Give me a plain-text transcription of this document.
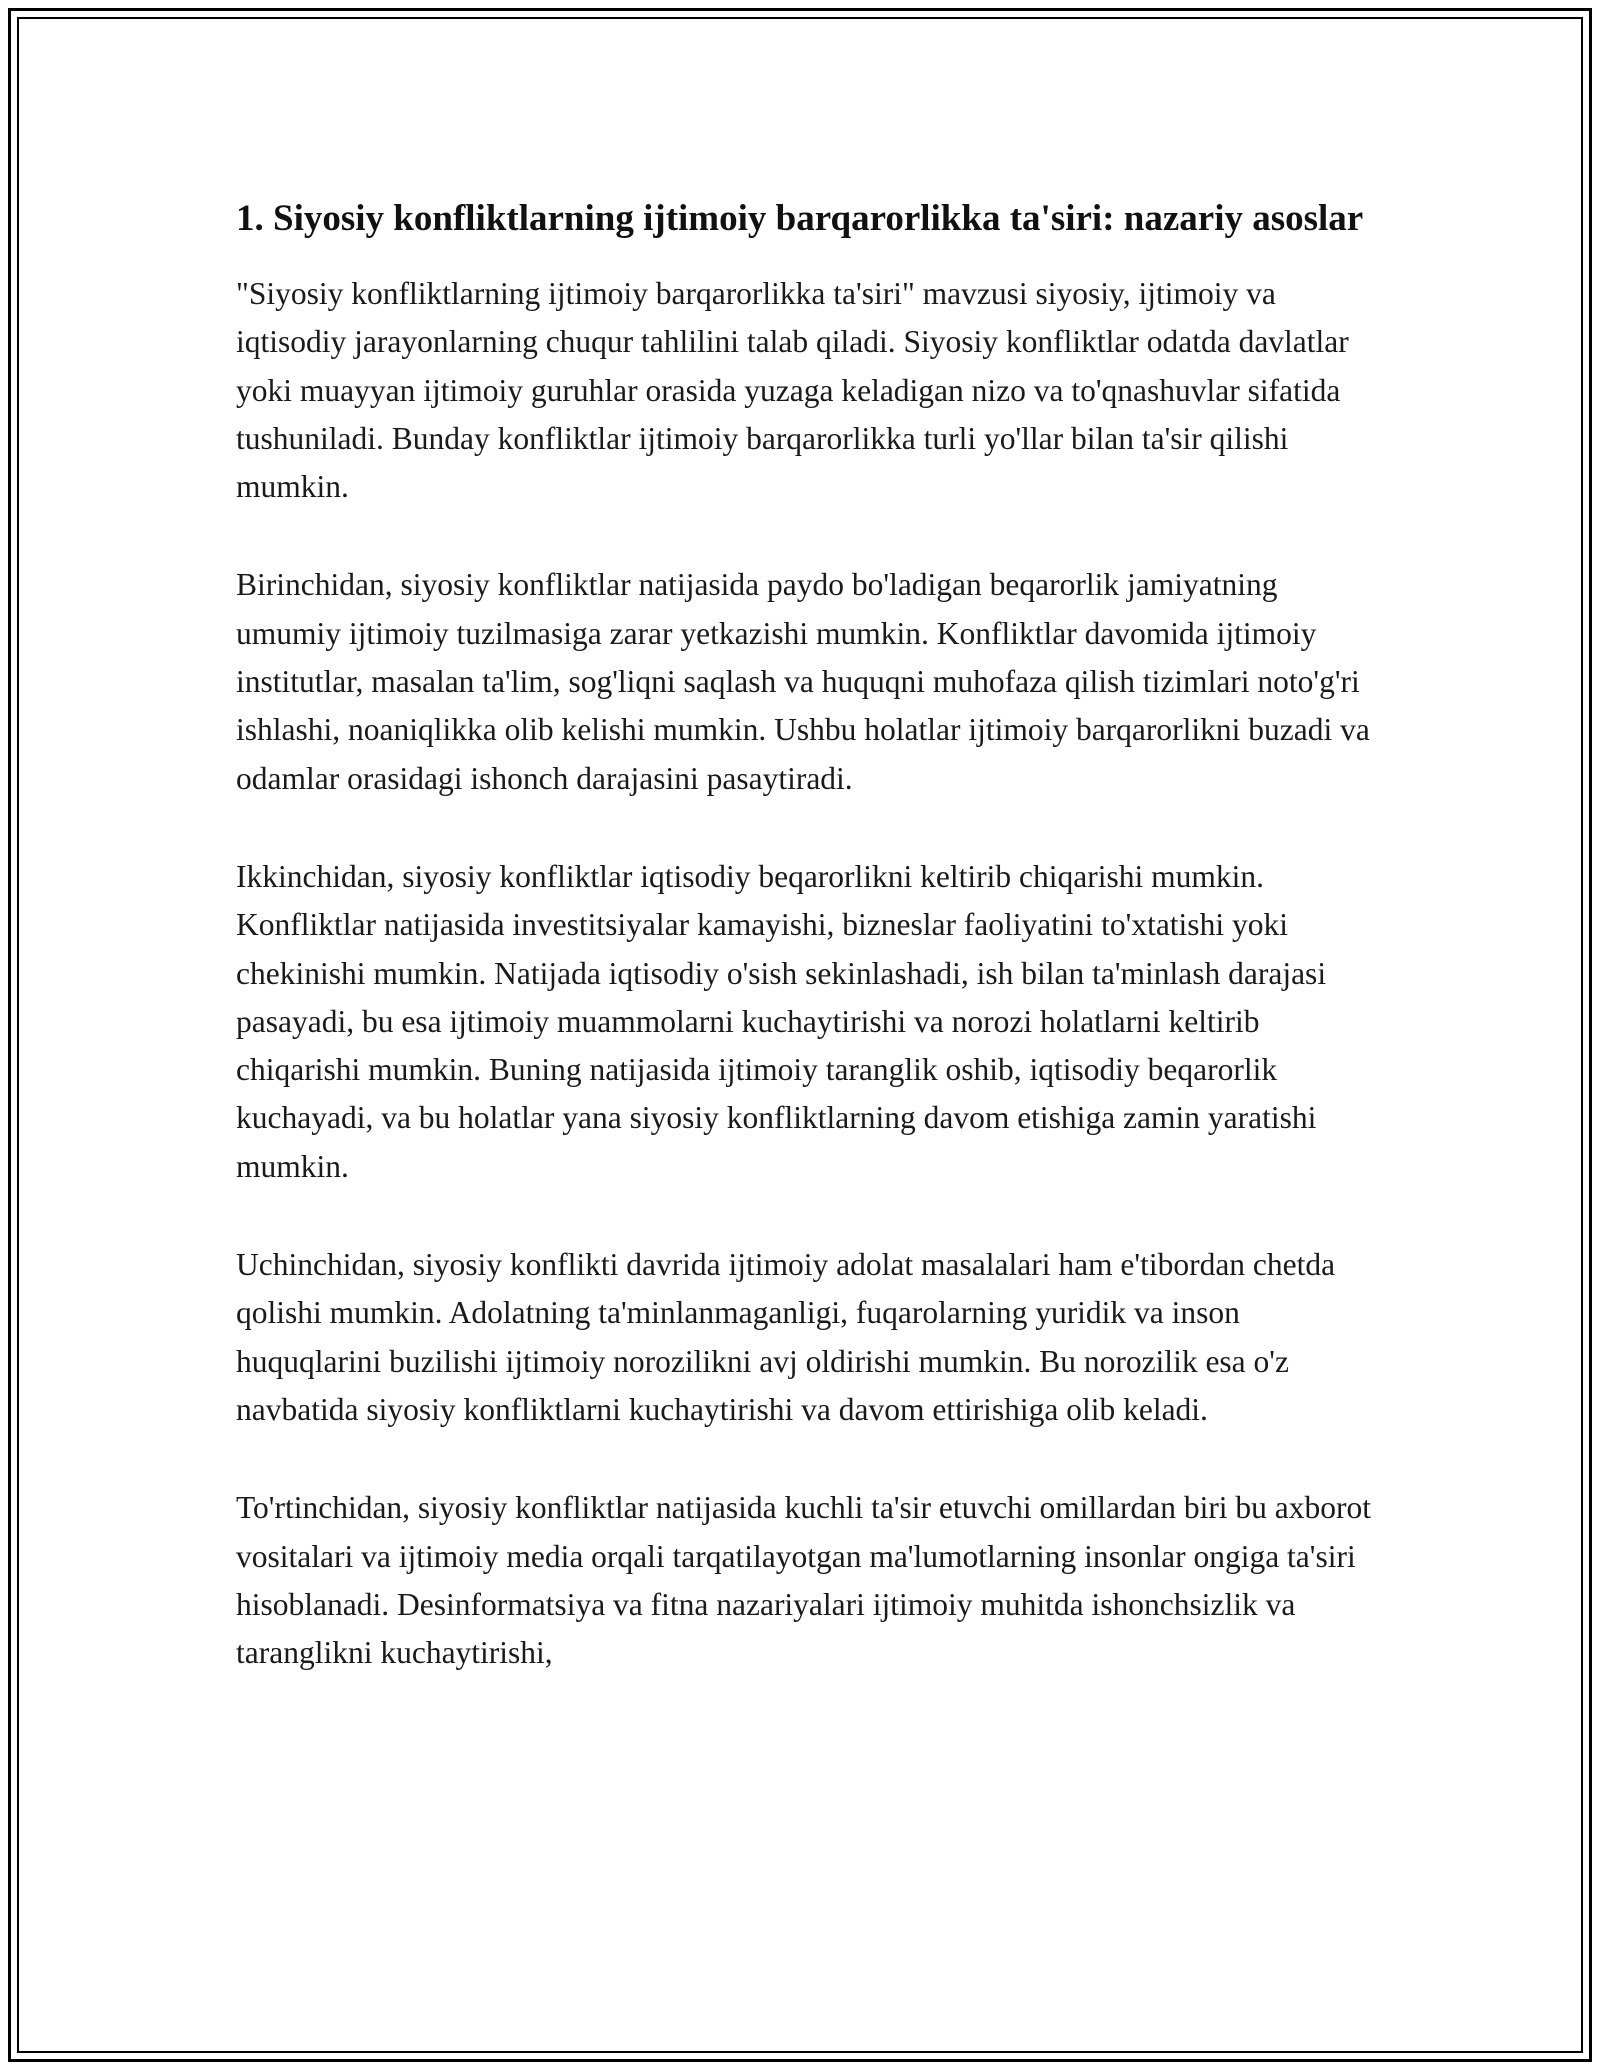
1. Siyosiy konfliktlarning ijtimoiy barqarorlikka ta'siri: nazariy asoslar

"Siyosiy konfliktlarning ijtimoiy barqarorlikka ta'siri" mavzusi siyosiy, ijtimoiy va iqtisodiy jarayonlarning chuqur tahlilini talab qiladi. Siyosiy konfliktlar odatda davlatlar yoki muayyan ijtimoiy guruhlar orasida yuzaga keladigan nizo va to'qnashuvlar sifatida tushuniladi. Bunday konfliktlar ijtimoiy barqarorlikka turli yo'llar bilan ta'sir qilishi mumkin.

Birinchidan, siyosiy konfliktlar natijasida paydo bo'ladigan beqarorlik jamiyatning umumiy ijtimoiy tuzilmasiga zarar yetkazishi mumkin. Konfliktlar davomida ijtimoiy institutlar, masalan ta'lim, sog'liqni saqlash va huquqni muhofaza qilish tizimlari noto'g'ri ishlashi, noaniqlikka olib kelishi mumkin. Ushbu holatlar ijtimoiy barqarorlikni buzadi va odamlar orasidagi ishonch darajasini pasaytiradi.

Ikkinchidan, siyosiy konfliktlar iqtisodiy beqarorlikni keltirib chiqarishi mumkin. Konfliktlar natijasida investitsiyalar kamayishi, bizneslar faoliyatini to'xtatishi yoki chekinishi mumkin. Natijada iqtisodiy o'sish sekinlashadi, ish bilan ta'minlash darajasi pasayadi, bu esa ijtimoiy muammolarni kuchaytirishi va norozi holatlarni keltirib chiqarishi mumkin. Buning natijasida ijtimoiy taranglik oshib, iqtisodiy beqarorlik kuchayadi, va bu holatlar yana siyosiy konfliktlarning davom etishiga zamin yaratishi mumkin.

Uchinchidan, siyosiy konflikti davrida ijtimoiy adolat masalalari ham e'tibordan chetda qolishi mumkin. Adolatning ta'minlanmaganligi, fuqarolarning yuridik va inson huquqlarini buzilishi ijtimoiy norozilikni avj oldirishi mumkin. Bu norozilik esa o'z navbatida siyosiy konfliktlarni kuchaytirishi va davom ettirishiga olib keladi.

To'rtinchidan, siyosiy konfliktlar natijasida kuchli ta'sir etuvchi omillardan biri bu axborot vositalari va ijtimoiy media orqali tarqatilayotgan ma'lumotlarning insonlar ongiga ta'siri hisoblanadi. Desinformatsiya va fitna nazariyalari ijtimoiy muhitda ishonchsizlik va taranglikni kuchaytirishi,
